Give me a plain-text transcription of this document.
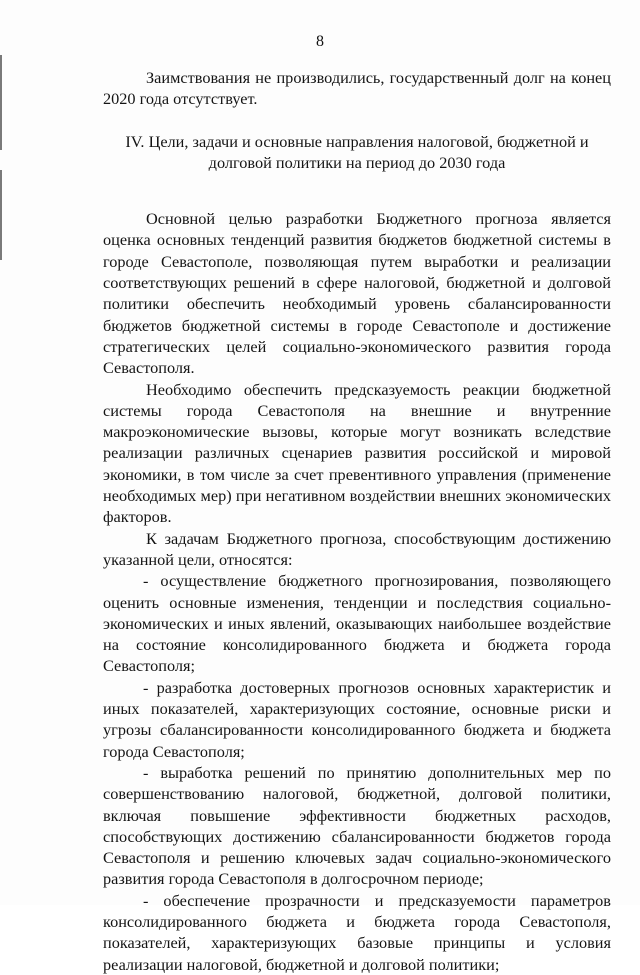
8

Заимствования не производились, государственный долг на конец 2020 года отсутствует.

IV. Цели, задачи и основные направления налоговой, бюджетной и долговой политики на период до 2030 года

Основной целью разработки Бюджетного прогноза является оценка основных тенденций развития бюджетов бюджетной системы в городе Севастополе, позволяющая путем выработки и реализации соответствующих решений в сфере налоговой, бюджетной и долговой политики обеспечить необходимый уровень сбалансированности бюджетов бюджетной системы в городе Севастополе и достижение стратегических целей социально-экономического развития города Севастополя.

Необходимо обеспечить предсказуемость реакции бюджетной системы города Севастополя на внешние и внутренние макроэкономические вызовы, которые могут возникать вследствие реализации различных сценариев развития российской и мировой экономики, в том числе за счет превентивного управления (применение необходимых мер) при негативном воздействии внешних экономических факторов.

К задачам Бюджетного прогноза, способствующим достижению указанной цели, относятся:

- осуществление бюджетного прогнозирования, позволяющего оценить основные изменения, тенденции и последствия социально-экономических и иных явлений, оказывающих наибольшее воздействие на состояние консолидированного бюджета и бюджета города Севастополя;

- разработка достоверных прогнозов основных характеристик и иных показателей, характеризующих состояние, основные риски и угрозы сбалансированности консолидированного бюджета и бюджета города Севастополя;

- выработка решений по принятию дополнительных мер по совершенствованию налоговой, бюджетной, долговой политики, включая повышение эффективности бюджетных расходов, способствующих достижению сбалансированности бюджетов города Севастополя и решению ключевых задач социально-экономического развития города Севастополя в долгосрочном периоде;

- обеспечение прозрачности и предсказуемости параметров консолидированного бюджета и бюджета города Севастополя, показателей, характеризующих базовые принципы и условия реализации налоговой, бюджетной и долговой политики;
